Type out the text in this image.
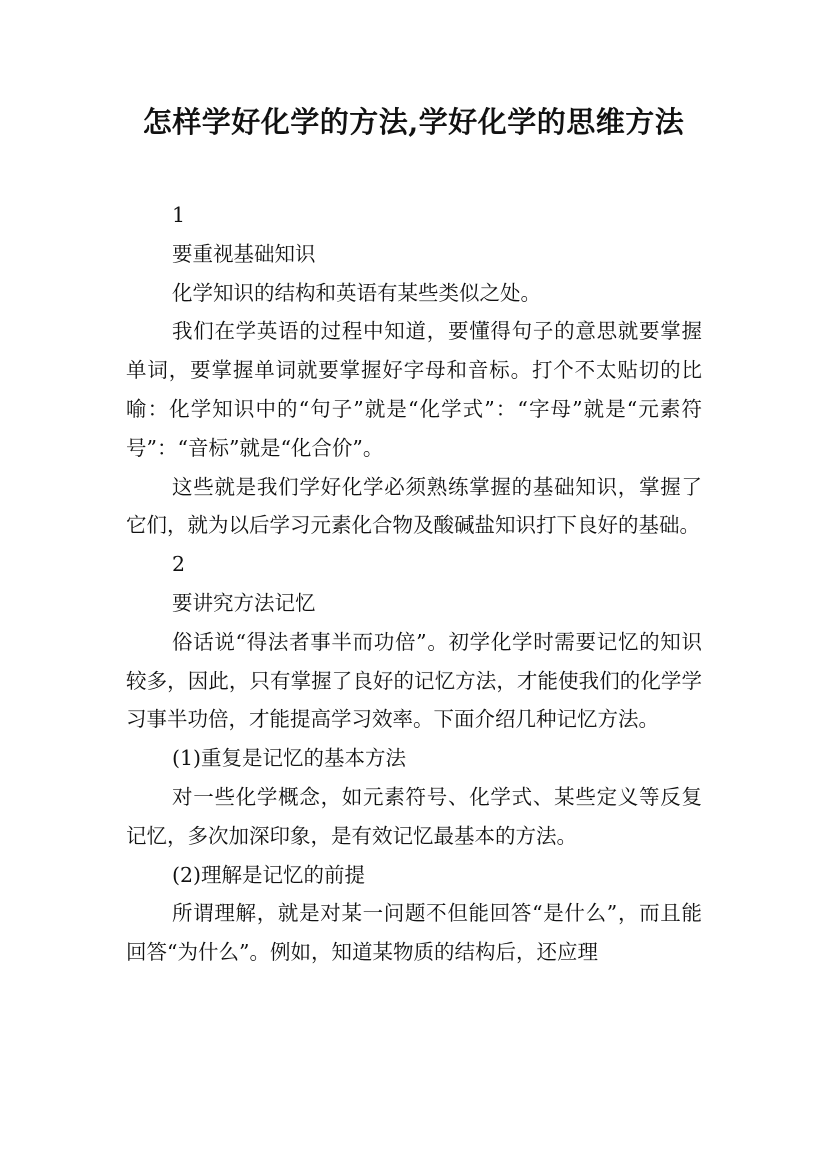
怎样学好化学的方法,学好化学的思维方法

1

要重视基础知识

化学知识的结构和英语有某些类似之处。

我们在学英语的过程中知道，要懂得句子的意思就要掌握单词，要掌握单词就要掌握好字母和音标。打个不太贴切的比喻：化学知识中的“句子”就是“化学式”：“字母”就是“元素符号”：“音标”就是“化合价”。

这些就是我们学好化学必须熟练掌握的基础知识，掌握了它们，就为以后学习元素化合物及酸碱盐知识打下良好的基础。

2

要讲究方法记忆

俗话说“得法者事半而功倍”。初学化学时需要记忆的知识较多，因此，只有掌握了良好的记忆方法，才能使我们的化学学习事半功倍，才能提高学习效率。下面介绍几种记忆方法。

(1)重复是记忆的基本方法

对一些化学概念，如元素符号、化学式、某些定义等反复记忆，多次加深印象，是有效记忆最基本的方法。

(2)理解是记忆的前提

所谓理解，就是对某一问题不但能回答“是什么”，而且能回答“为什么”。例如，知道某物质的结构后，还应理
